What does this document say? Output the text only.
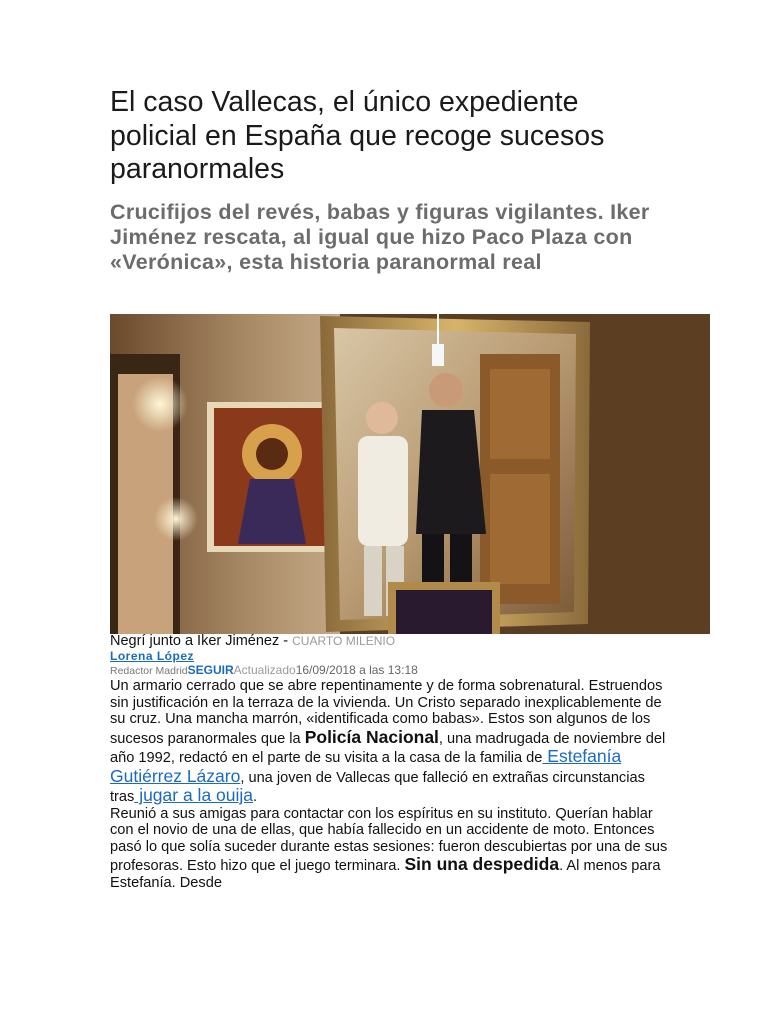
El caso Vallecas, el único expediente policial en España que recoge sucesos paranormales
Crucifijos del revés, babas y figuras vigilantes. Iker Jiménez rescata, al igual que hizo Paco Plaza con «Verónica», esta historia paranormal real
Negrí junto a Iker Jiménez - CUARTO MILENIO
Lorena López
Redactor MadridSEGUIRActualizado16/09/2018 a las 13:18

Un armario cerrado que se abre repentinamente y de forma sobrenatural. Estruendos sin justificación en la terraza de la vivienda. Un Cristo separado inexplicablemente de su cruz. Una mancha marrón, «identificada como babas». Estos son algunos de los sucesos paranormales que la Policía Nacional, una madrugada de noviembre del año 1992, redactó en el parte de su visita a la casa de la familia de Estefanía Gutiérrez Lázaro, una joven de Vallecas que falleció en extrañas circunstancias tras jugar a la ouija.

Reunió a sus amigas para contactar con los espíritus en su instituto. Querían hablar con el novio de una de ellas, que había fallecido en un accidente de moto. Entonces pasó lo que solía suceder durante estas sesiones: fueron descubiertas por una de sus profesoras. Esto hizo que el juego terminara. Sin una despedida. Al menos para Estefanía. Desde
